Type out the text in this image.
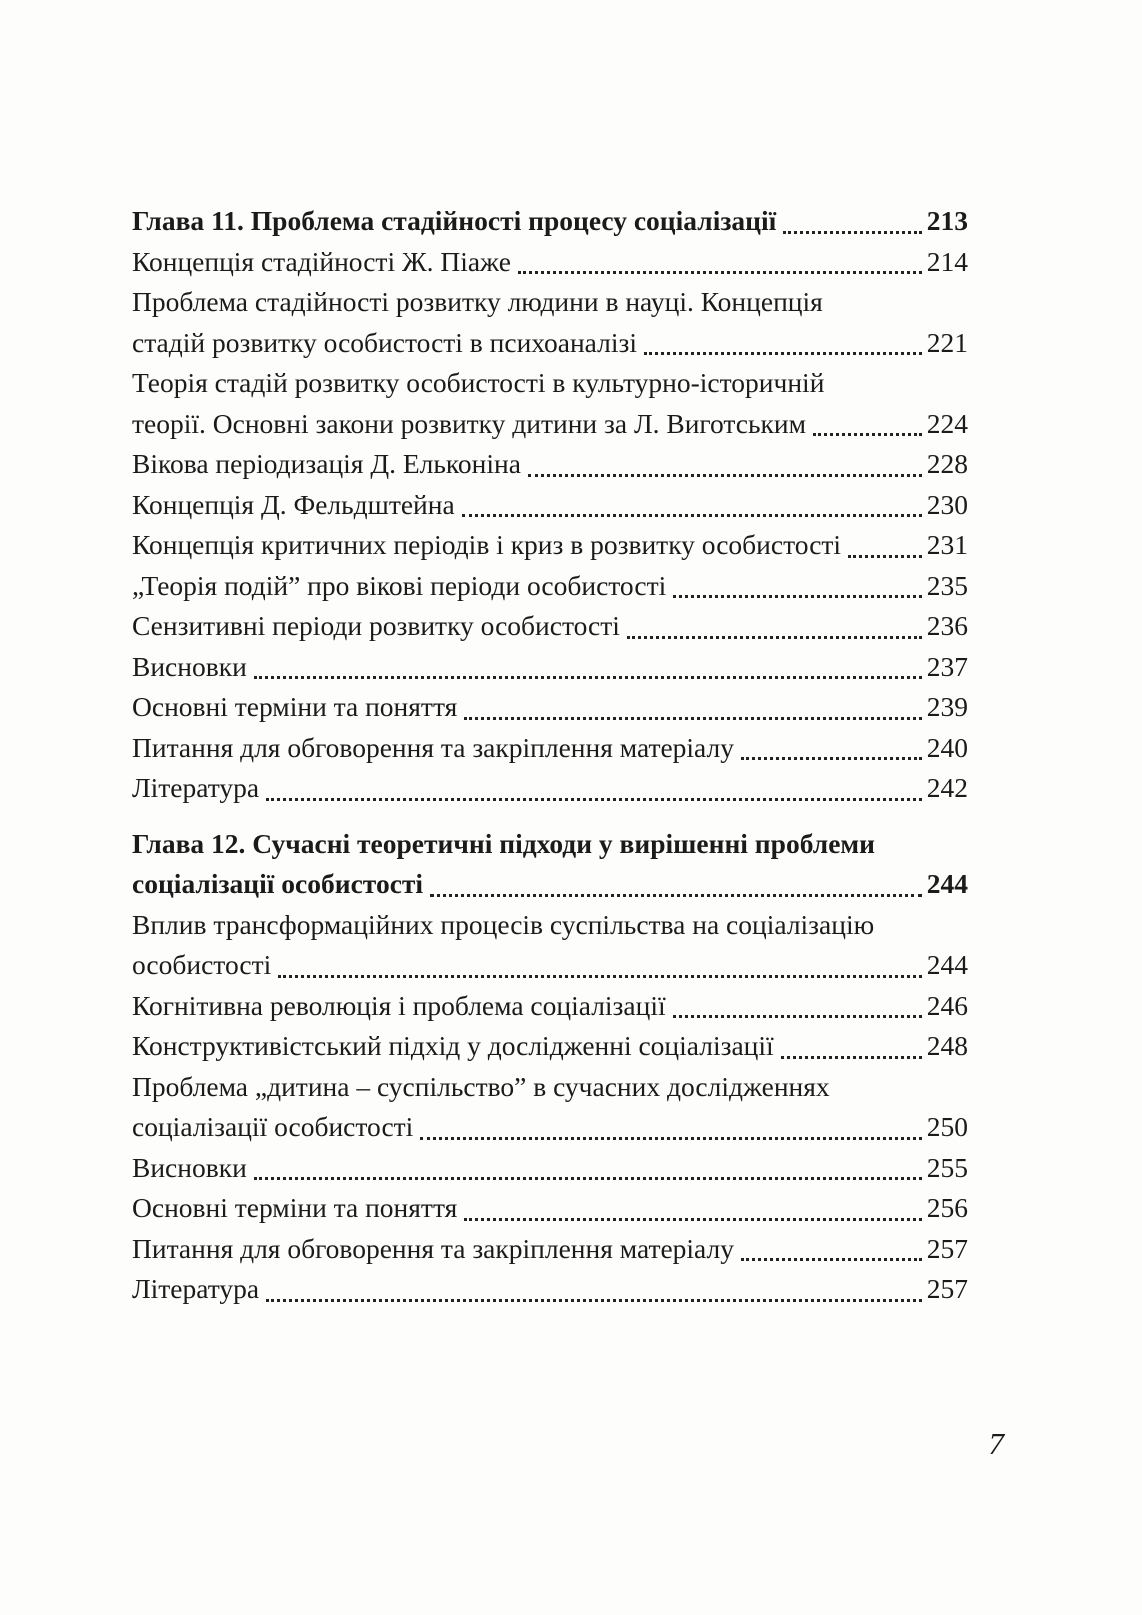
Глава 11. Проблема стадійності процесу соціалізації	213
Концепція стадійності Ж. Піаже	214
Проблема стадійності розвитку людини в науці. Концепція
стадій розвитку особистості в психоаналізі	221
Теорія стадій розвитку особистості в культурно-історичній
теорії. Основні закони розвитку дитини за Л. Виготським	224
Вікова періодизація Д. Ельконіна	228
Концепція Д. Фельдштейна	230
Концепція критичних періодів і криз в розвитку особистості	231
„Теорія подій” про вікові періоди особистості	235
Сензитивні періоди розвитку особистості	236
Висновки	237
Основні терміни та поняття	239
Питання для обговорення та закріплення матеріалу	240
Література	242
Глава 12. Сучасні теоретичні підходи у вирішенні проблеми
соціалізації особистості	244
Вплив трансформаційних процесів суспільства на соціалізацію
особистості	244
Когнітивна революція і проблема соціалізації	246
Конструктивістський підхід у дослідженні соціалізації	248
Проблема „дитина – суспільство” в сучасних дослідженнях
соціалізації особистості	250
Висновки	255
Основні терміни та поняття	256
Питання для обговорення та закріплення матеріалу	257
Література	257
7
